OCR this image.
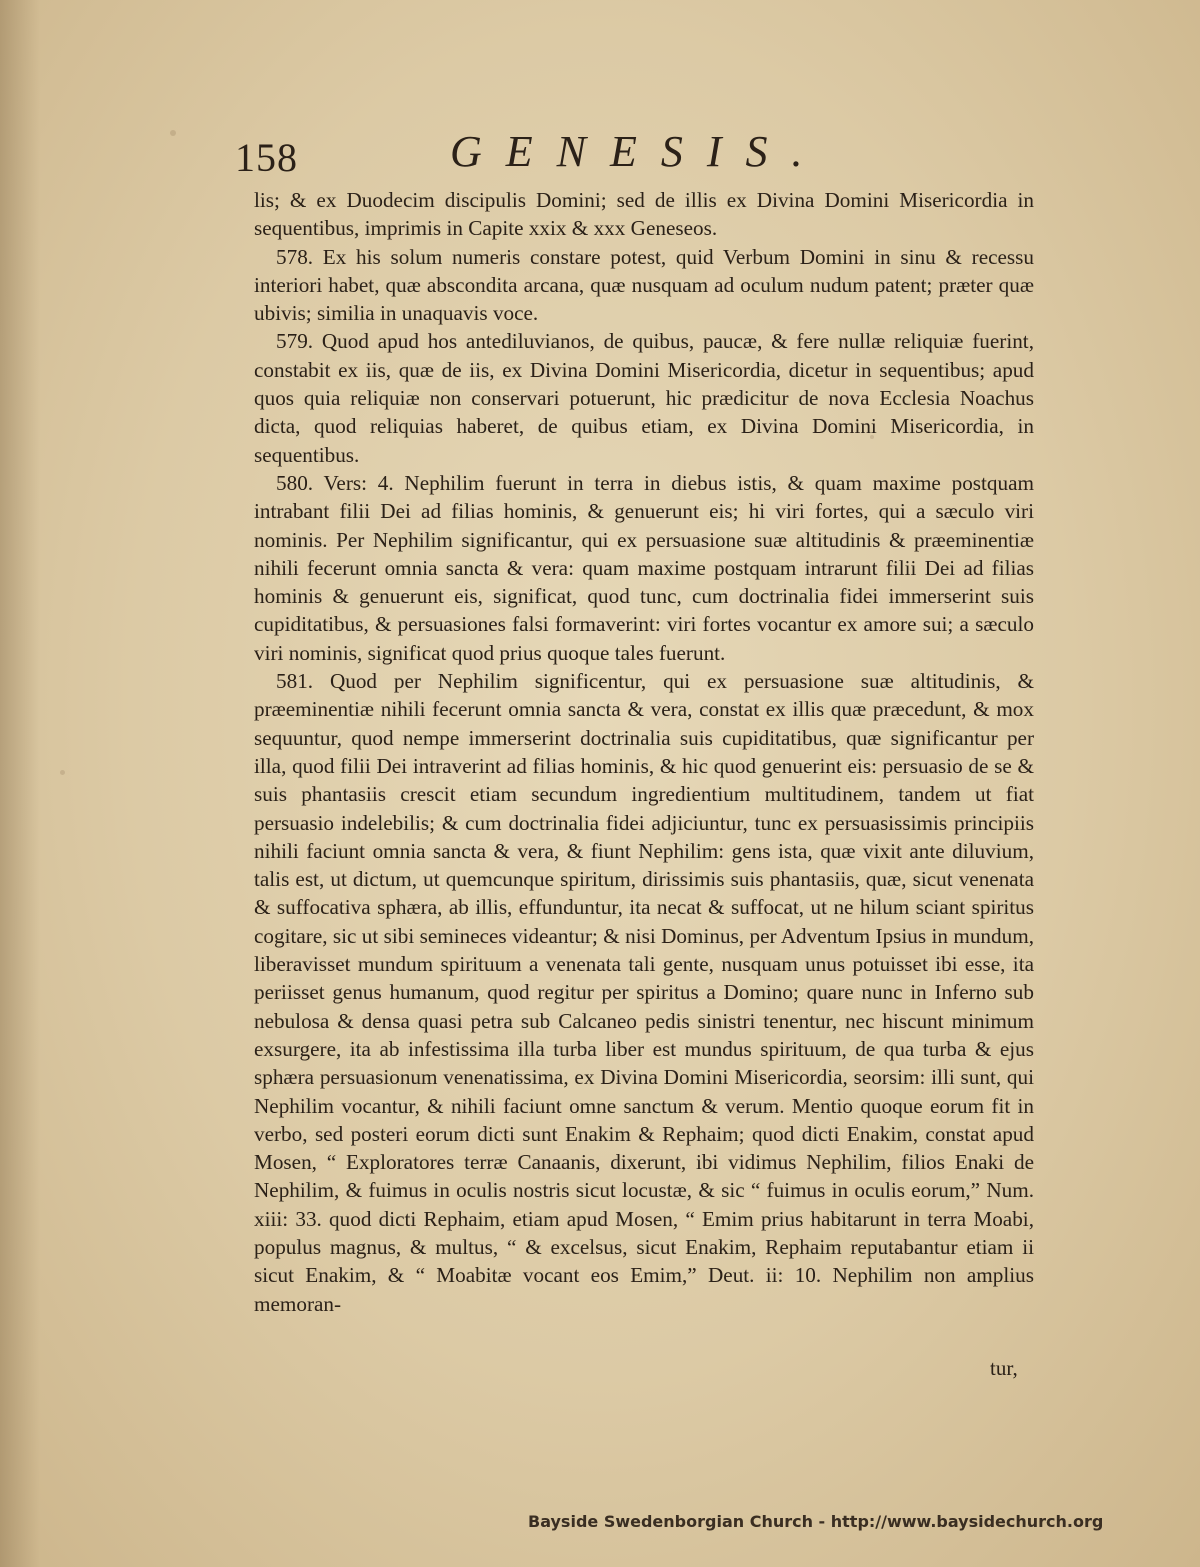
158	GENESIS.

lis; & ex Duodecim discipulis Domini; sed de illis ex Divina Domini Misericordia in sequentibus, imprimis in Capite xxix & xxx Geneseos.

578. Ex his solum numeris constare potest, quid Verbum Domini in sinu & recessu interiori habet, quæ abscondita arcana, quæ nusquam ad oculum nudum patent; præter quæ ubivis; similia in unaquavis voce.

579. Quod apud hos antediluvianos, de quibus, paucæ, & fere nullæ reliquiæ fuerint, constabit ex iis, quæ de iis, ex Divina Domini Misericordia, dicetur in sequentibus; apud quos quia reliquiæ non conservari potuerunt, hic prædicitur de nova Ecclesia Noachus dicta, quod reliquias haberet, de quibus etiam, ex Divina Domini Misericordia, in sequentibus.

580. Vers: 4. Nephilim fuerunt in terra in diebus istis, & quam maxime postquam intrabant filii Dei ad filias hominis, & genuerunt eis; hi viri fortes, qui a sæculo viri nominis. Per Nephilim significantur, qui ex persuasione suæ altitudinis & præeminentiæ nihili fecerunt omnia sancta & vera: quam maxime postquam intrarunt filii Dei ad filias hominis & genuerunt eis, significat, quod tunc, cum doctrinalia fidei immerserint suis cupiditatibus, & persuasiones falsi formaverint: viri fortes vocantur ex amore sui; a sæculo viri nominis, significat quod prius quoque tales fuerunt.

581. Quod per Nephilim significentur, qui ex persuasione suæ altitudinis, & præeminentiæ nihili fecerunt omnia sancta & vera, constat ex illis quæ præcedunt, & mox sequuntur, quod nempe immerserint doctrinalia suis cupiditatibus, quæ significantur per illa, quod filii Dei intraverint ad filias hominis, & hic quod genuerint eis: persuasio de se & suis phantasiis crescit etiam secundum ingredientium multitudinem, tandem ut fiat persuasio indelebilis; & cum doctrinalia fidei adjiciuntur, tunc ex persuasissimis principiis nihili faciunt omnia sancta & vera, & fiunt Nephilim: gens ista, quæ vixit ante diluvium, talis est, ut dictum, ut quemcunque spiritum, dirissimis suis phantasiis, quæ, sicut venenata & suffocativa sphæra, ab illis, effunduntur, ita necat & suffocat, ut ne hilum sciant spiritus cogitare, sic ut sibi semineces videantur; & nisi Dominus, per Adventum Ipsius in mundum, liberavisset mundum spirituum a venenata tali gente, nusquam unus potuisset ibi esse, ita periisset genus humanum, quod regitur per spiritus a Domino; quare nunc in Inferno sub nebulosa & densa quasi petra sub Calcaneo pedis sinistri tenentur, nec hiscunt minimum exsurgere, ita ab infestissima illa turba liber est mundus spirituum, de qua turba & ejus sphæra persuasionum venenatissima, ex Divina Domini Misericordia, seorsim: illi sunt, qui Nephilim vocantur, & nihili faciunt omne sanctum & verum. Mentio quoque eorum fit in verbo, sed posteri eorum dicti sunt Enakim & Rephaim; quod dicti Enakim, constat apud Mosen, “ Exploratores terræ Canaanis, dixerunt, ibi vidimus Nephilim, filios Enaki de Nephilim, & fuimus in oculis nostris sicut locustæ, & sic “ fuimus in oculis eorum,” Num. xiii: 33. quod dicti Rephaim, etiam apud Mosen, “ Emim prius habitarunt in terra Moabi, populus magnus, & multus, “ & excelsus, sicut Enakim, Rephaim reputabantur etiam ii sicut Enakim, & “ Moabitæ vocant eos Emim,” Deut. ii: 10. Nephilim non amplius memoran-

tur,
Bayside Swedenborgian Church - http://www.baysidechurch.org
